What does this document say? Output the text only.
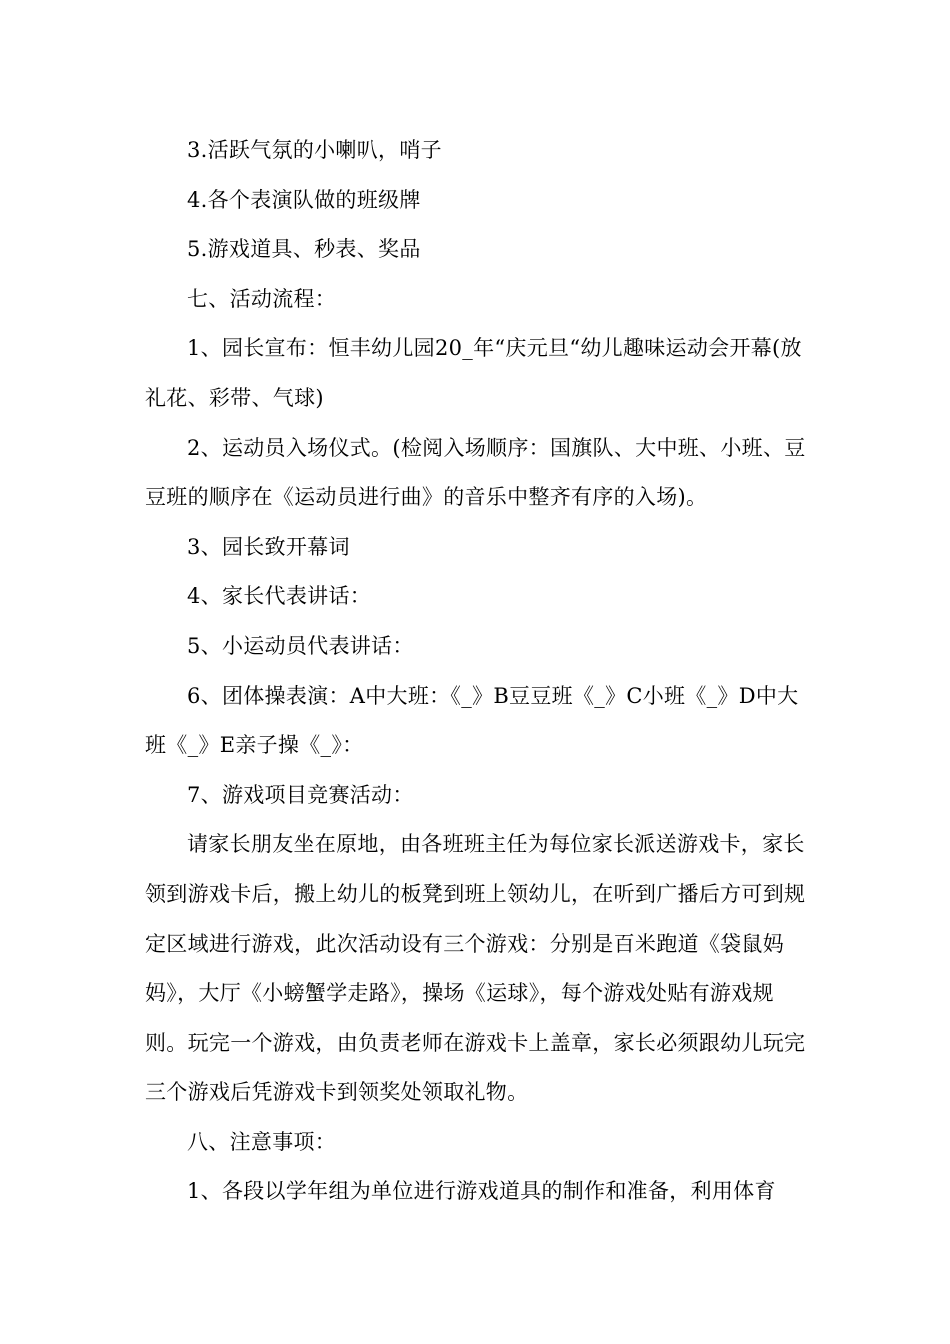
3.活跃气氛的小喇叭，哨子

4.各个表演队做的班级牌

5.游戏道具、秒表、奖品

七、活动流程：

1、园长宣布：恒丰幼儿园20_年“庆元旦“幼儿趣味运动会开幕(放礼花、彩带、气球)

2、运动员入场仪式。(检阅入场顺序：国旗队、大中班、小班、豆豆班的顺序在《运动员进行曲》的音乐中整齐有序的入场)。

3、园长致开幕词

4、家长代表讲话：

5、小运动员代表讲话：

6、团体操表演：A中大班：《_》B豆豆班《_》C小班《_》D中大班《_》E亲子操《_》：

7、游戏项目竞赛活动：

请家长朋友坐在原地，由各班班主任为每位家长派送游戏卡，家长领到游戏卡后，搬上幼儿的板凳到班上领幼儿，在听到广播后方可到规定区域进行游戏，此次活动设有三个游戏：分别是百米跑道《袋鼠妈妈》，大厅《小螃蟹学走路》，操场《运球》，每个游戏处贴有游戏规则。玩完一个游戏，由负责老师在游戏卡上盖章，家长必须跟幼儿玩完三个游戏后凭游戏卡到领奖处领取礼物。

八、注意事项：

1、各段以学年组为单位进行游戏道具的制作和准备，利用体育
